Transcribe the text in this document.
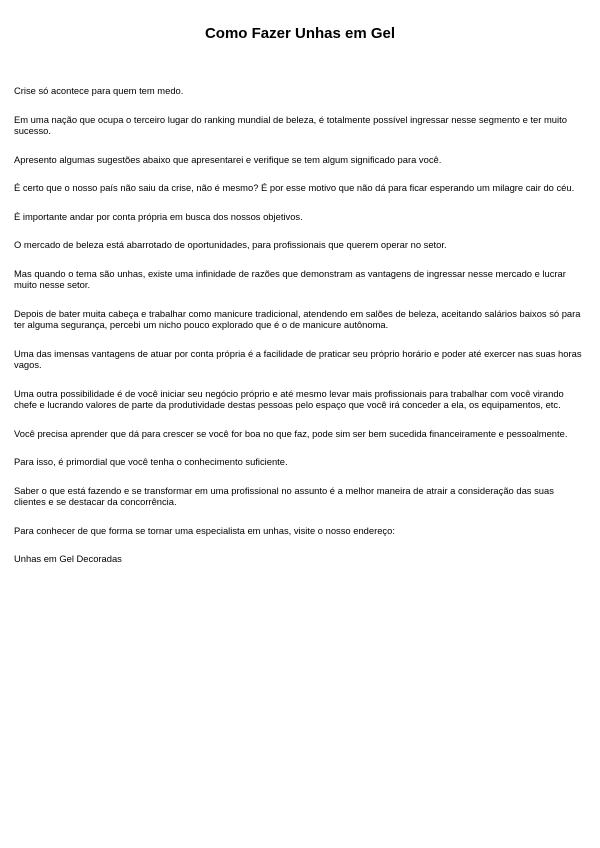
Como Fazer Unhas em Gel

Crise só acontece para quem tem medo.

Em uma nação que ocupa o terceiro lugar do ranking mundial de beleza, é totalmente possível ingressar nesse segmento e ter muito sucesso.

Apresento algumas sugestões abaixo que apresentarei e verifique se tem algum significado para você.

É certo que o nosso país não saiu da crise, não é mesmo? É por esse motivo que não dá para ficar esperando um milagre cair do céu.

É importante andar por conta própria em busca dos nossos objetivos.

O mercado de beleza está abarrotado de oportunidades, para profissionais que querem operar no setor.

Mas quando o tema são unhas, existe uma infinidade de razões que demonstram as vantagens de ingressar nesse mercado e lucrar muito nesse setor.

Depois de bater muita cabeça e trabalhar como manicure tradicional, atendendo em salões de beleza, aceitando salários baixos só para ter alguma segurança, percebi um nicho pouco explorado que é o de manicure autônoma.

Uma das imensas vantagens de atuar por conta própria é a facilidade de praticar seu próprio horário e poder até exercer nas suas horas vagos.

Uma outra possibilidade é de você iniciar seu negócio próprio e até mesmo levar mais profissionais para trabalhar com você virando chefe e lucrando valores de parte da produtividade destas pessoas pelo espaço que você irá conceder a ela, os equipamentos, etc.

Você precisa aprender que dá para crescer se você for boa no que faz, pode sim ser bem sucedida financeiramente e pessoalmente.

Para isso, é primordial que você tenha o conhecimento suficiente.

Saber o que está fazendo e se transformar em uma profissional no assunto é a melhor maneira de atrair a consideração das suas clientes e se destacar da concorrência.

Para conhecer de que forma se tornar uma especialista em unhas, visite o nosso endereço:

Unhas em Gel Decoradas
